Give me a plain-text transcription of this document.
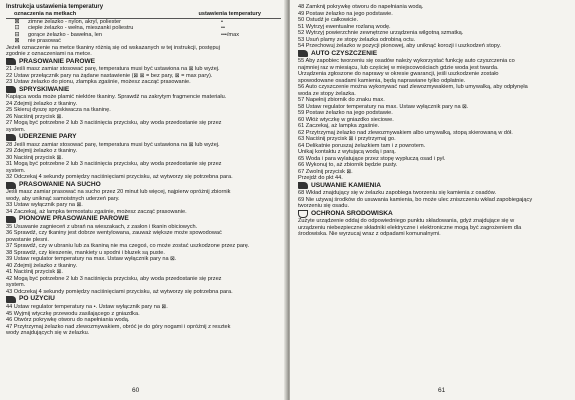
Instrukcja ustawienia temperatury
oznaczenia na metkach	ustawienia temperatury
⊠	zimne żelazko - nylon, akryl, poliester	•
⊡	ciepłe żelazko - wełna, mieszanki poliestru	••
⊟	gorące żelazko - bawełna, len	•••/max
⊠	nie prasować
Jeżeli oznaczenie na metce tkaniny różnią się od wskazanych w tej instrukcji, postępuj
zgodnie z oznaczeniami na metce.
PRASOWANIE PAROWE
21 Jeśli masz zamiar stosować parę, temperatura musi być ustawiona na ⊠ lub wyżej.
22 Ustaw przełącznik pary na żądane nastawienie (⊠ ⊠ = bez pary, ⊠ = max pary).
23 Ustaw żelazko do pionu, zlampka zgaśnie, możesz zacząć prasowanie.
SPRYSKIWANIE
Kapiąca woda może plamić niektóre tkaniny. Sprawdź na zakrytym fragmencie materiału.
24 Zdejmij żelazko z tkaniny.
25 Skieruj dyszę spryskiwacza na tkaninę.
26 Naciśnij przycisk ⊠.
27 Mogą być potrzebne 2 lub 3 naciśnięcia przycisku, aby woda przedostanie się przez
system.
UDERZENIE PARY
28 Jeśli masz zamiar stosować parę, temperatura musi być ustawiona na ⊠ lub wyżej.
29 Zdejmij żelazko z tkaniny.
30 Naciśnij przycisk ⊠.
31 Mogą być potrzebne 2 lub 3 naciśnięcia przycisku, aby woda przedostanie się przez
system.
32 Odczekaj 4 sekundy pomiędzy naciśnięciami przycisku, aż wytworzy się potrzebna para.
PRASOWANIE NA SUCHO
Jeśli masz zamiar prasować na sucho przez 20 minut lub więcej, najpierw opróżnij zbiornik
wody, aby uniknąć samoistnych uderzeń pary.
33 Ustaw wyłącznik pary na ⊠.
34 Zaczekaj, aż lampka termostatu zgaśnie, możesz zacząć prasowanie.
PIONOWE PRASOWANIE PAROWE
35 Usuwanie zagnieceń z ubrań na wieszakach, z zasłon i tkanin obiciowych.
36 Sprawdź, czy tkaniny jest dobrze wentylowana, zauważ większe może spowodować
powstanie plesni.
37 Sprawdź, czy w ubraniu lub za tkaniną nie ma czegoś, co może zostać uszkodzone przez parę.
38 Sprawdź, czy kieszenie, mankiety u spodni i bluzek są puste.
39 Ustaw regulator temperatury na max. Ustaw wyłącznik pary na ⊠.
40 Zdejmij żelazko z tkaniny.
41 Naciśnij przycisk ⊠.
42 Mogą być potrzebne 2 lub 3 naciśnięcia przycisku, aby woda przedostanie się przez
system.
43 Odczekaj 4 sekundy pomiędzy naciśnięciami przycisku, aż wytworzy się potrzebna para.
PO UŻYCIU
44 Ustaw regulator temperatury na •. Ustaw wyłącznik pary na ⊠.
45 Wyjmij wtyczkę przewodu zasilającego z gniazdka.
46 Otwórz pokrywkę otworu do napełniania wodą.
47 Przytrzymaj żelazko nad zlewozmywakiem, obróć je do góry nogami i opróżnij z resztek
wody znajdujących się w żelazku.
60
48 Zamknij pokrywkę otworu do napełniania wodą.
49 Postaw żelazko na jego podstawie.
50 Ostudź je całkowicie.
51 Wytrzyj ewentualne rozlaną wodę.
52 Wytrzyj powierzchnie zewnętrzne urządzenia wilgotną szmatką.
53 Usuń plamy ze stopy żelazka odrobiną octu.
54 Przechowuj żelazko w pozycji pionowej, aby uniknąć korozji i uszkodzeń stopy.
AUTO CZYSZCZENIE
55 Aby zapobiec tworzeniu się osadów należy wykorzystać funkcję auto czyszczenia co
najmniej raz w miesiącu, lub częściej w miejscowościach gdzie woda jest twarda.
Urządzenia zgłoszone do naprawy w okresie gwarancji, jeśli uszkodzenie zostało
spowodowane osadami kamienia, będą naprawiane tylko odpłatnie.
56 Auto czyszczenie można wykonywać nad zlewozmywakiem, lub umywalką, aby odpłynęła
woda ze stopy żelazka.
57 Napełnij zbiornik do znaku max.
58 Ustaw regulator temperatury na max. Ustaw wyłącznik pary na ⊠.
59 Postaw żelazko na jego podstawie.
60 Włóż wtyczkę w gniazdko sieciowe.
61 Zaczekaj, aż lampka zgaśnie.
62 Przytrzymaj żelazko nad zlewozmywakiem albo umywalką, stopą skierowaną w dół.
63 Naciśnij przycisk ⊠ i przytrzymaj go.
64 Delikatnie poruszaj żelazkiem tam i z powrotem.
Unikaj kontaktu z wytującą wodą i parą.
65 Woda i para wylatujące przez stopę wypłuczą osad i pył.
66 Wykonuj to, aż zbiornik będzie pusty.
67 Zwolnij przycisk ⊠.
Przejdź do pkt 44.
USUWANIE KAMIENIA
68 Wkład znajdujący się w żelazku zapobiega tworzeniu się kamienia z osadów.
69 Nie używaj środków do usuwania kamienia, bo może ulec zniszczeniu wkład zapobiegający
tworzeniu się osadu.
OCHRONA ŚRODOWISKA
Zużyte urządzenie oddaj do odpowiedniego punktu składowania, gdyż znajdujące się w
urządzeniu niebezpieczne składniki elektryczne i elektroniczne mogą być zagrożeniem dla
środowiska. Nie wyrzucaj wraz z odpadami komunalnymi.
61
